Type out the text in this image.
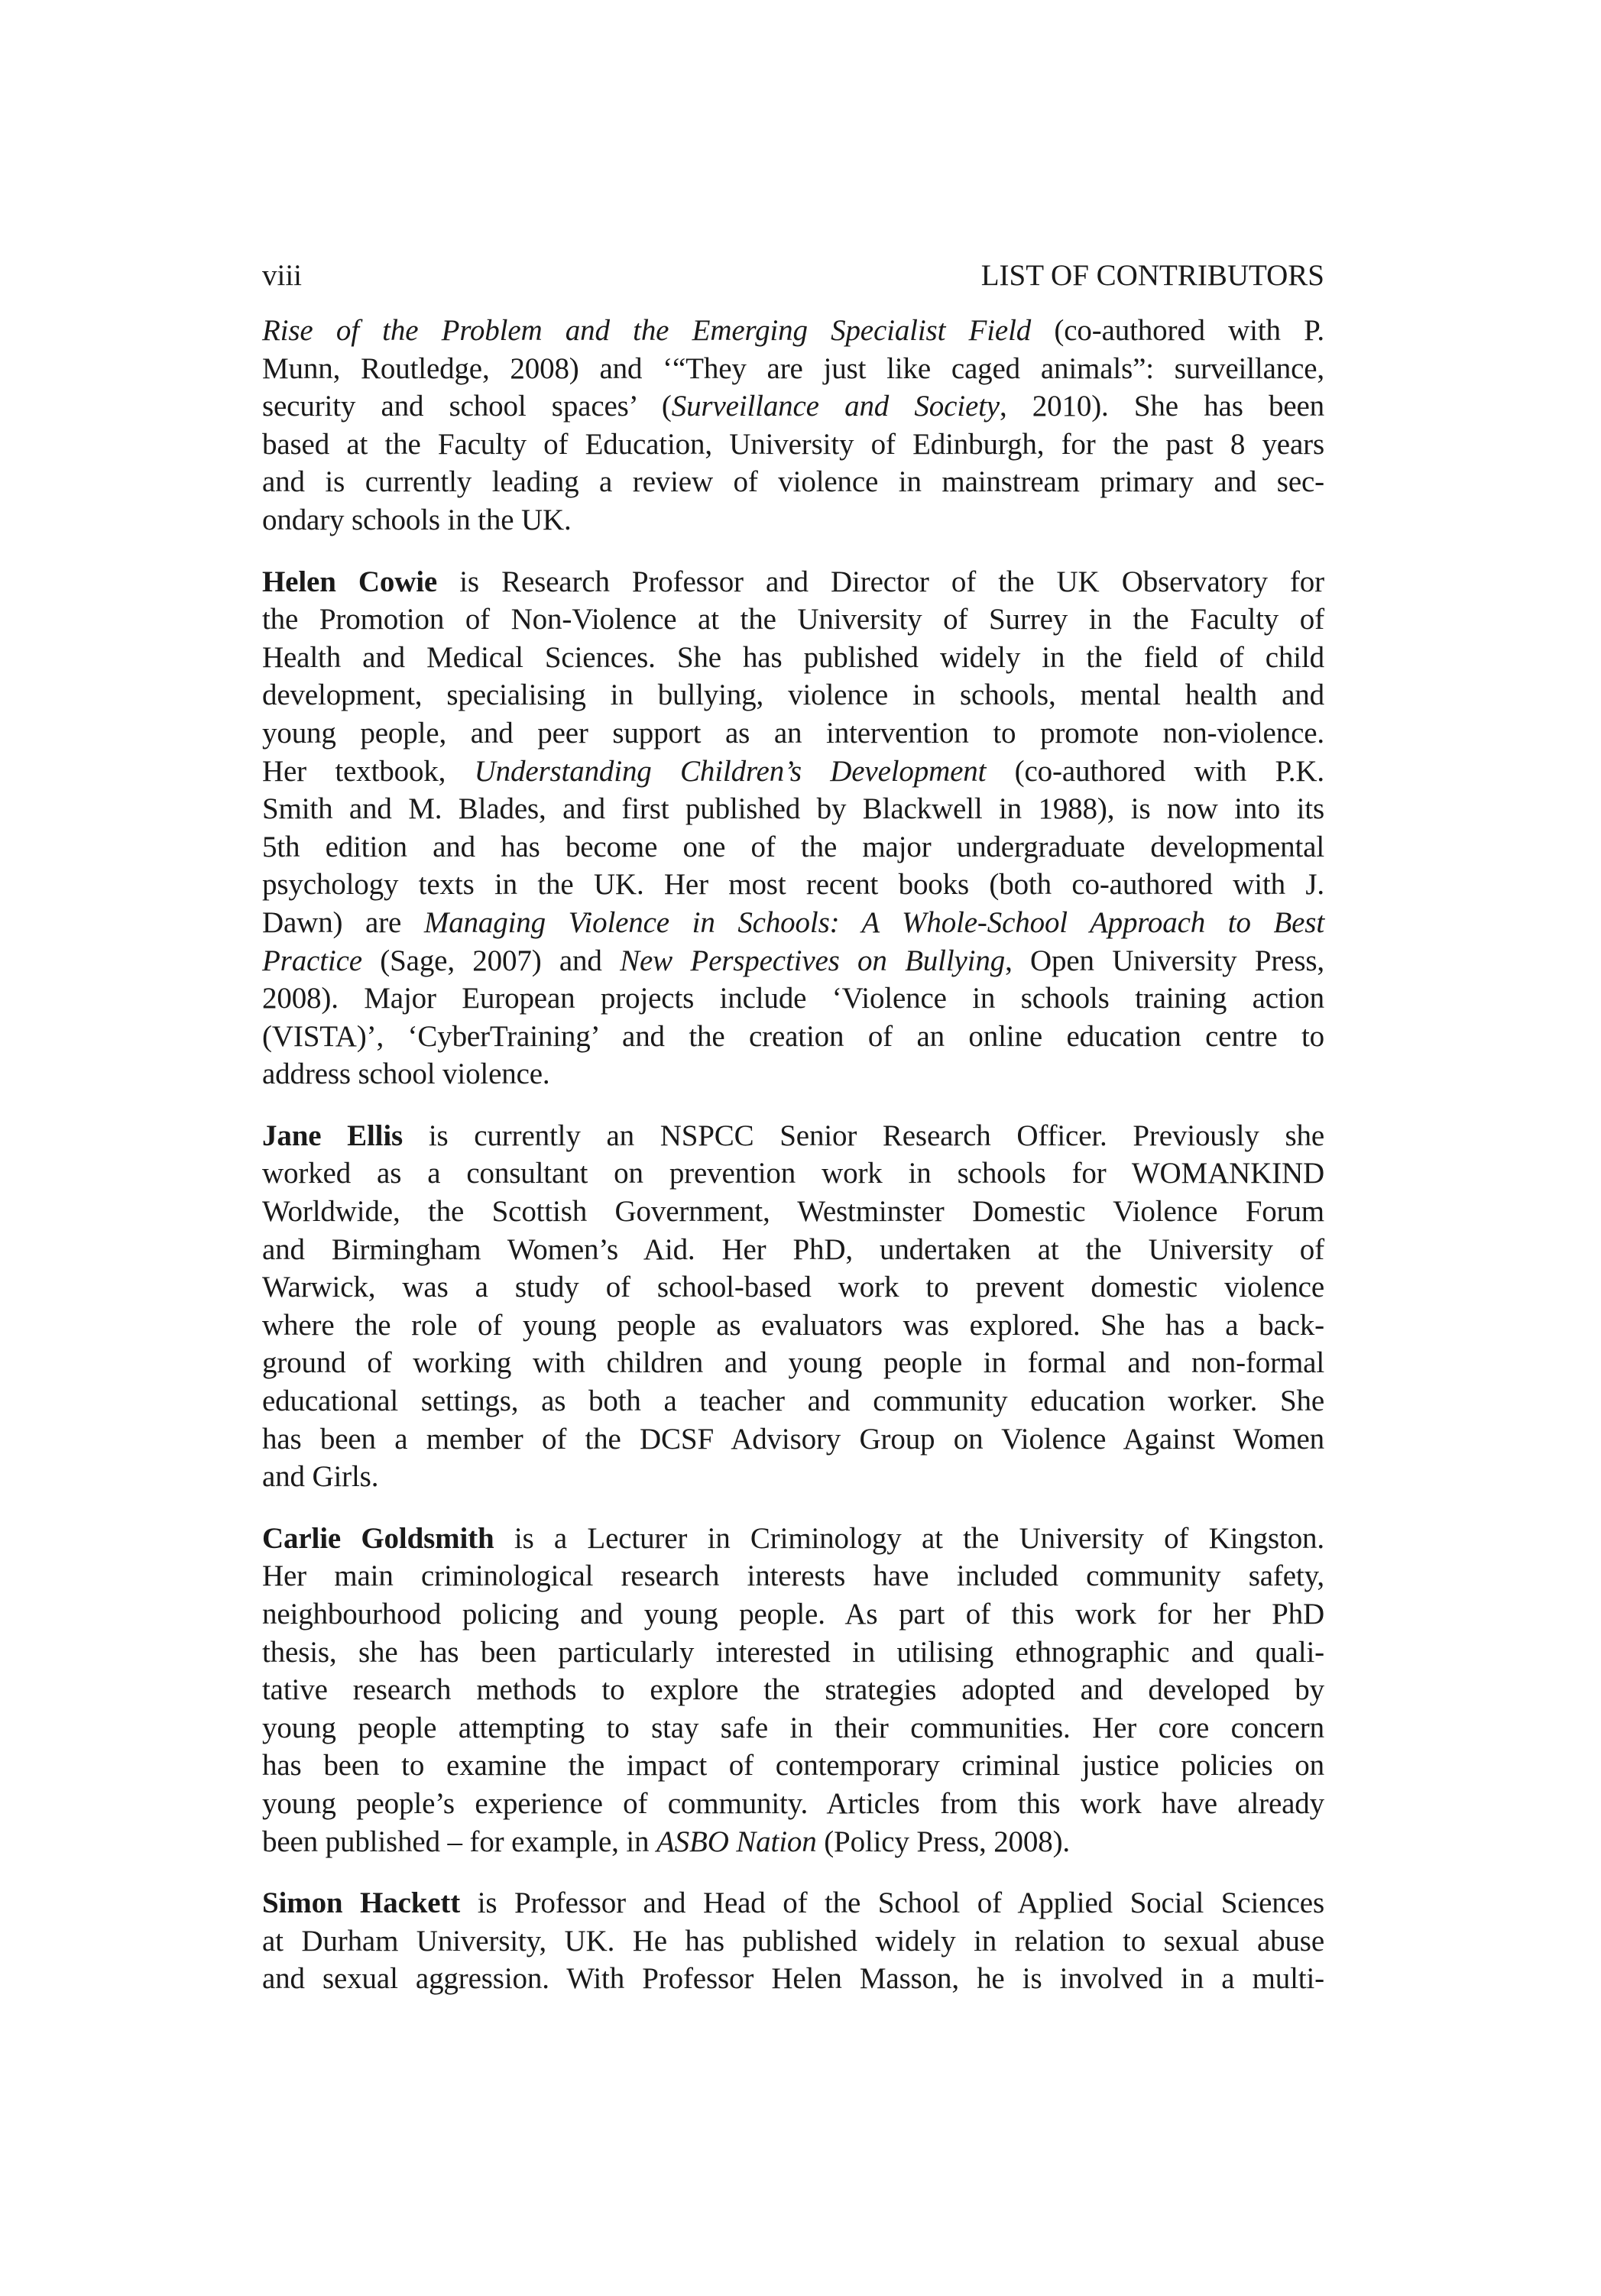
viii	LIST OF CONTRIBUTORS
Rise of the Problem and the Emerging Specialist Field (co-authored with P.
Munn, Routledge, 2008) and ‘“They are just like caged animals”: surveillance,
security and school spaces’ (Surveillance and Society, 2010). She has been
based at the Faculty of Education, University of Edinburgh, for the past 8 years
and is currently leading a review of violence in mainstream primary and sec-
ondary schools in the UK.
Helen Cowie is Research Professor and Director of the UK Observatory for
the Promotion of Non-Violence at the University of Surrey in the Faculty of
Health and Medical Sciences. She has published widely in the field of child
development, specialising in bullying, violence in schools, mental health and
young people, and peer support as an intervention to promote non-violence.
Her textbook, Understanding Children’s Development (co-authored with P.K.
Smith and M. Blades, and first published by Blackwell in 1988), is now into its
5th edition and has become one of the major undergraduate developmental
psychology texts in the UK. Her most recent books (both co-authored with J.
Dawn) are Managing Violence in Schools: A Whole-School Approach to Best
Practice (Sage, 2007) and New Perspectives on Bullying, Open University Press,
2008). Major European projects include ‘Violence in schools training action
(VISTA)’, ‘CyberTraining’ and the creation of an online education centre to
address school violence.
Jane Ellis is currently an NSPCC Senior Research Officer. Previously she
worked as a consultant on prevention work in schools for WOMANKIND
Worldwide, the Scottish Government, Westminster Domestic Violence Forum
and Birmingham Women’s Aid. Her PhD, undertaken at the University of
Warwick, was a study of school-based work to prevent domestic violence
where the role of young people as evaluators was explored. She has a back-
ground of working with children and young people in formal and non-formal
educational settings, as both a teacher and community education worker. She
has been a member of the DCSF Advisory Group on Violence Against Women
and Girls.
Carlie Goldsmith is a Lecturer in Criminology at the University of Kingston.
Her main criminological research interests have included community safety,
neighbourhood policing and young people. As part of this work for her PhD
thesis, she has been particularly interested in utilising ethnographic and quali-
tative research methods to explore the strategies adopted and developed by
young people attempting to stay safe in their communities. Her core concern
has been to examine the impact of contemporary criminal justice policies on
young people’s experience of community. Articles from this work have already
been published – for example, in ASBO Nation (Policy Press, 2008).
Simon Hackett is Professor and Head of the School of Applied Social Sciences
at Durham University, UK. He has published widely in relation to sexual abuse
and sexual aggression. With Professor Helen Masson, he is involved in a multi-
